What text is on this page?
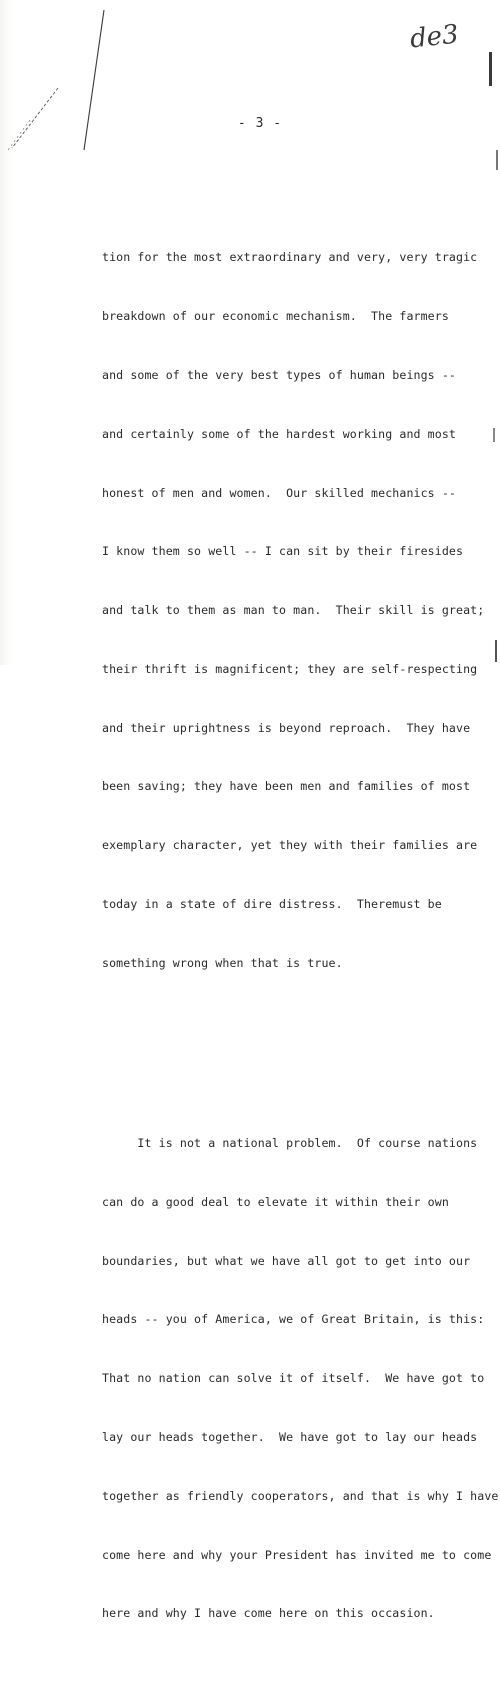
de3
- 3 -

tion for the most extraordinary and very, very tragic

breakdown of our economic mechanism.  The farmers

and some of the very best types of human beings --

and certainly some of the hardest working and most

honest of men and women.  Our skilled mechanics --

I know them so well -- I can sit by their firesides

and talk to them as man to man.  Their skill is great;

their thrift is magnificent; they are self-respecting

and their uprightness is beyond reproach.  They have

been saving; they have been men and families of most

exemplary character, yet they with their families are

today in a state of dire distress.  Theremust be

something wrong when that is true.

It is not a national problem.  Of course nations

can do a good deal to elevate it within their own

boundaries, but what we have all got to get into our

heads -- you of America, we of Great Britain, is this:

That no nation can solve it of itself.  We have got to

lay our heads together.  We have got to lay our heads

together as friendly cooperators, and that is why I have

come here and why your President has invited me to come

here and why I have come here on this occasion.
